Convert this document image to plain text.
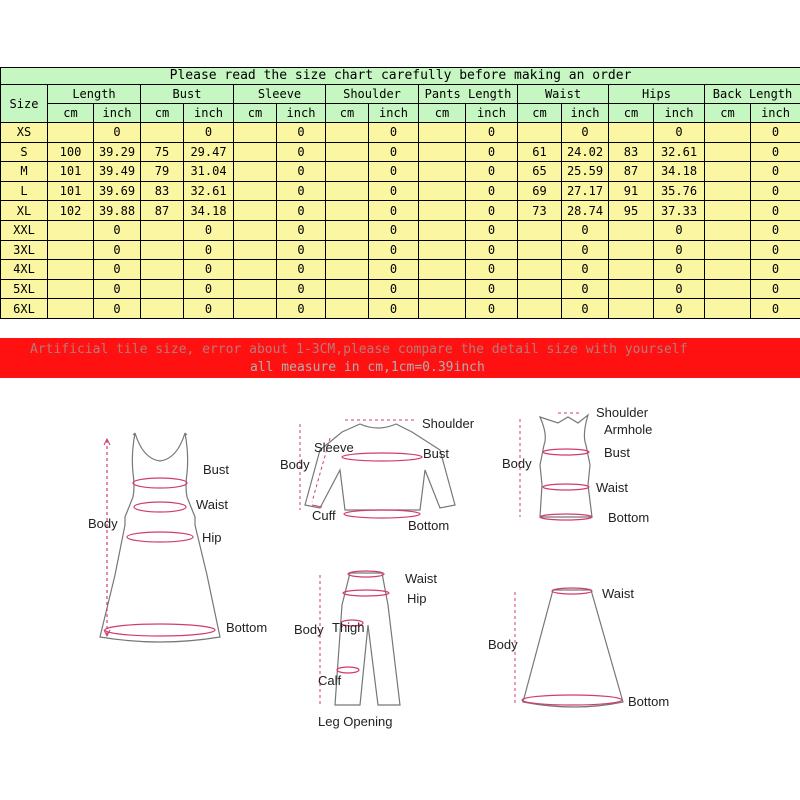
Please read the size chart carefully before making an order																
Size	Length		Bust		Sleeve		Shoulder		Pants Length		Waist		Hips		Back Length	
	cm	inch	cm	inch	cm	inch	cm	inch	cm	inch	cm	inch	cm	inch	cm	inch
XS		0		0		0		0		0		0		0		0
S	100	39.29	75	29.47		0		0		0	61	24.02	83	32.61		0
M	101	39.49	79	31.04		0		0		0	65	25.59	87	34.18		0
L	101	39.69	83	32.61		0		0		0	69	27.17	91	35.76		0
XL	102	39.88	87	34.18		0		0		0	73	28.74	95	37.33		0
XXL		0		0		0		0		0		0		0		0
3XL		0		0		0		0		0		0		0		0
4XL		0		0		0		0		0		0		0		0
5XL		0		0		0		0		0		0		0		0
6XL		0		0		0		0		0		0		0		0
Artificial tile size, error about 1-3CM,please compare the detail size with yourself
all measure in cm,1cm=0.39inch
Body
Bust
Waist
Hip
Bottom
Shoulder
Sleeve	Bust
Body
Cuff
Bottom
Shoulder
Armhole
Bust
Body
Waist
Bottom
Waist
Hip
Body Thigh
Calf
Leg Opening
Waist
Body
Bottom
